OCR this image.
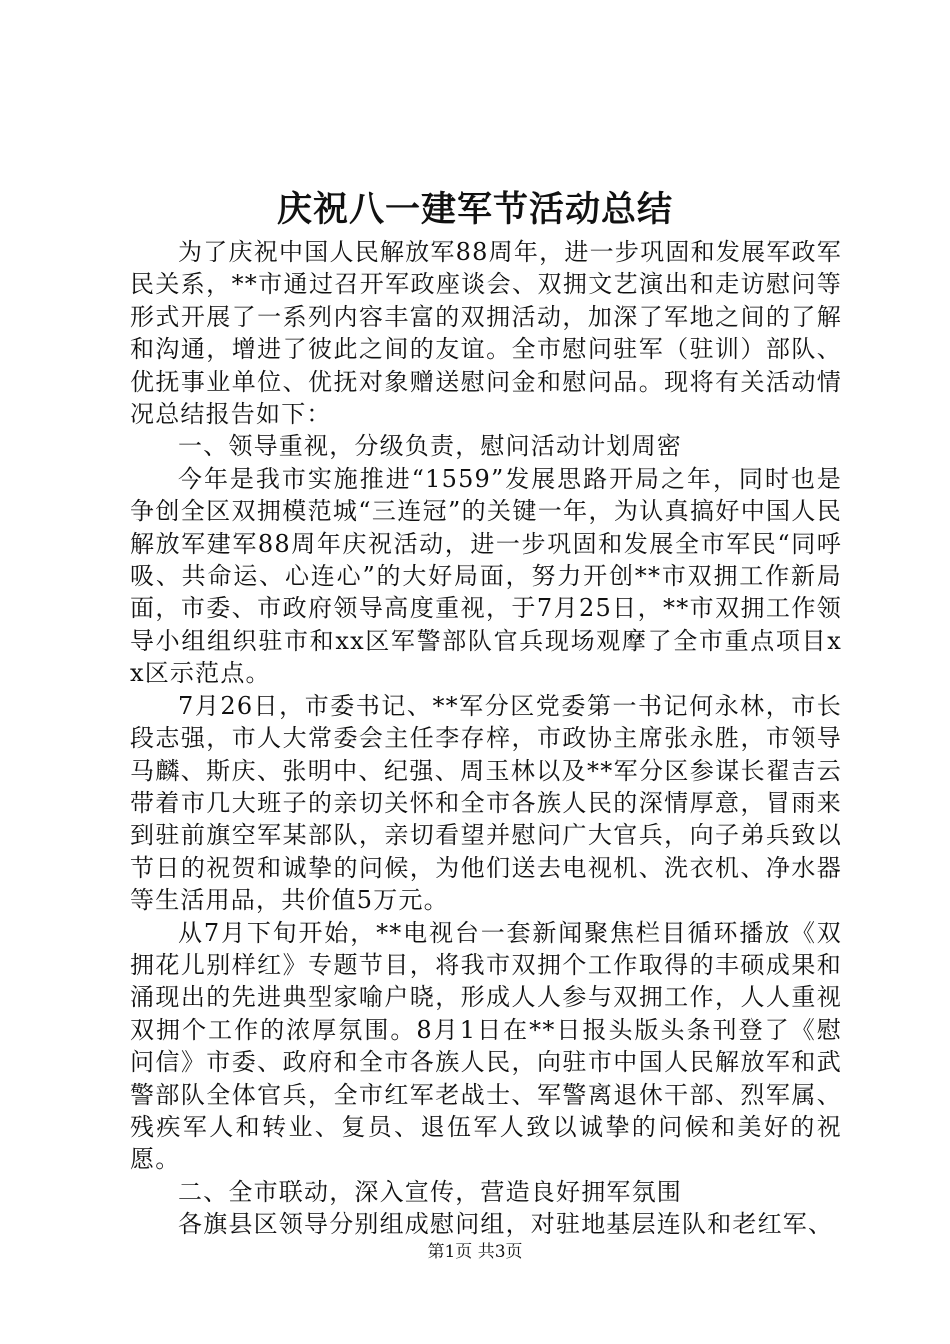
庆祝八一建军节活动总结

为了庆祝中国人民解放军88周年，进一步巩固和发展军政军民关系，**市通过召开军政座谈会、双拥文艺演出和走访慰问等形式开展了一系列内容丰富的双拥活动，加深了军地之间的了解和沟通，增进了彼此之间的友谊。全市慰问驻军（驻训）部队、优抚事业单位、优抚对象赠送慰问金和慰问品。现将有关活动情况总结报告如下：

一、领导重视，分级负责，慰问活动计划周密

今年是我市实施推进“1559”发展思路开局之年，同时也是争创全区双拥模范城“三连冠”的关键一年，为认真搞好中国人民解放军建军88周年庆祝活动，进一步巩固和发展全市军民“同呼吸、共命运、心连心”的大好局面，努力开创**市双拥工作新局面，市委、市政府领导高度重视，于7月25日，**市双拥工作领导小组组织驻市和xx区军警部队官兵现场观摩了全市重点项目xx区示范点。

7月26日，市委书记、**军分区党委第一书记何永林，市长段志强，市人大常委会主任李存梓，市政协主席张永胜，市领导马麟、斯庆、张明中、纪强、周玉林以及**军分区参谋长翟吉云带着市几大班子的亲切关怀和全市各族人民的深情厚意，冒雨来到驻前旗空军某部队，亲切看望并慰问广大官兵，向子弟兵致以节日的祝贺和诚挚的问候，为他们送去电视机、洗衣机、净水器等生活用品，共价值5万元。

从7月下旬开始，**电视台一套新闻聚焦栏目循环播放《双拥花儿别样红》专题节目，将我市双拥个工作取得的丰硕成果和涌现出的先进典型家喻户晓，形成人人参与双拥工作，人人重视双拥个工作的浓厚氛围。8月1日在**日报头版头条刊登了《慰问信》市委、政府和全市各族人民，向驻市中国人民解放军和武警部队全体官兵，全市红军老战士、军警离退休干部、烈军属、残疾军人和转业、复员、退伍军人致以诚挚的问候和美好的祝愿。

二、全市联动，深入宣传，营造良好拥军氛围

各旗县区领导分别组成慰问组，对驻地基层连队和老红军、

第1页 共3页
